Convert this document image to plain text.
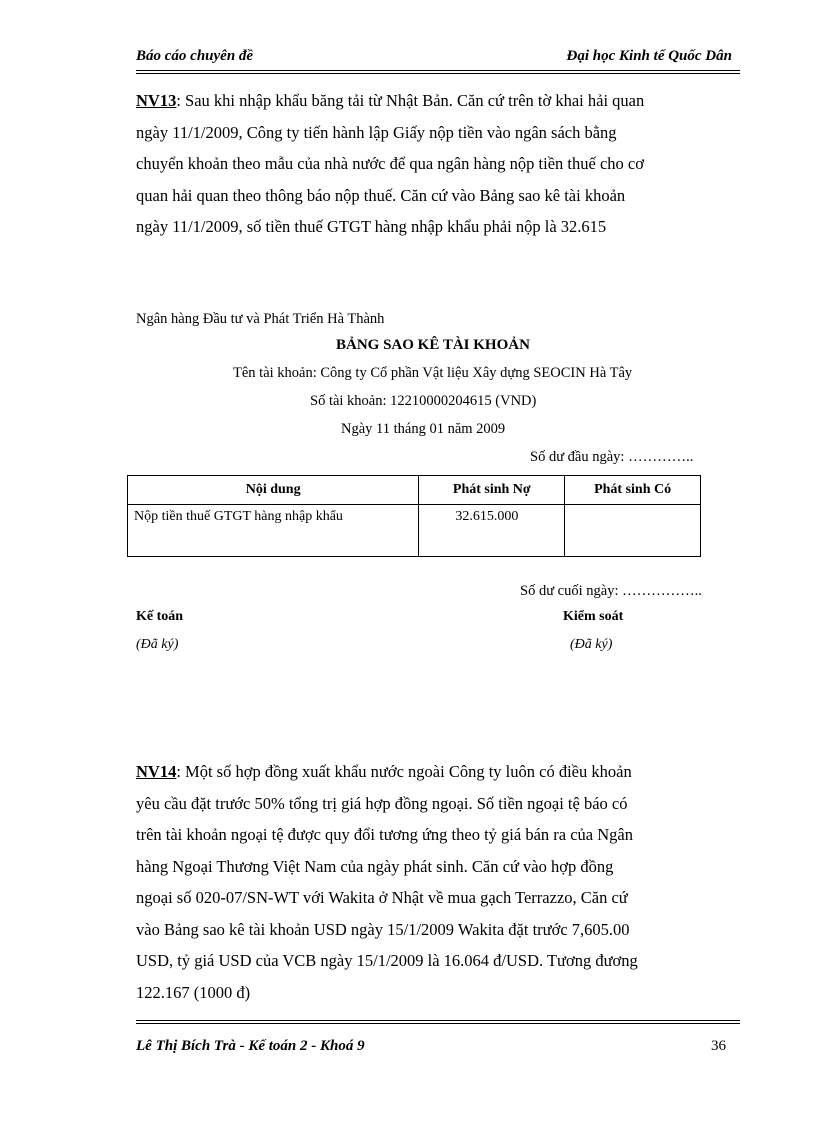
Báo cáo chuyên đề	Đại học Kinh tế Quốc Dân
NV13: Sau khi nhập khẩu băng tải từ Nhật Bản. Căn cứ trên tờ khai hải quan
ngày 11/1/2009, Công ty tiến hành lập Giấy nộp tiền vào ngân sách bằng
chuyển khoản theo mẫu của nhà nước để qua ngân hàng nộp tiền thuế cho cơ
quan hải quan theo thông báo nộp thuế. Căn cứ vào Bảng sao kê tài khoản
ngày 11/1/2009, số tiền thuế GTGT hàng nhập khẩu phải nộp là 32.615
Ngân hàng Đầu tư và Phát Triển Hà Thành
BẢNG SAO KÊ TÀI KHOẢN
Tên tài khoản: Công ty Cổ phần Vật liệu Xây dựng SEOCIN Hà Tây
Số tài khoản: 12210000204615 (VND)
Ngày 11 tháng 01 năm 2009
Số dư đầu ngày: …………..
Nội dung	Phát sinh Nợ	Phát sinh Có
Nộp tiền thuế GTGT hàng nhập khẩu	32.615.000	
Số dư cuối ngày: ……………..
Kế toán	Kiểm soát
(Đã ký)	(Đã ký)
NV14: Một số hợp đồng xuất khẩu nước ngoài Công ty luôn có điều khoản
yêu cầu đặt trước 50% tổng trị giá hợp đồng ngoại. Số tiền ngoại tệ báo có
trên tài khoản ngoại tệ được quy đổi tương ứng theo tỷ giá bán ra của Ngân
hàng Ngoại Thương Việt Nam của ngày phát sinh. Căn cứ vào hợp đồng
ngoại số 020-07/SN-WT với Wakita ở Nhật về mua gạch Terrazzo, Căn cứ
vào Bảng sao kê tài khoản USD ngày 15/1/2009 Wakita đặt trước 7,605.00
USD, tỷ giá USD của VCB ngày 15/1/2009 là 16.064 đ/USD. Tương đương
122.167 (1000 đ)
Lê Thị Bích Trà - Kế toán 2 - Khoá 9	36
